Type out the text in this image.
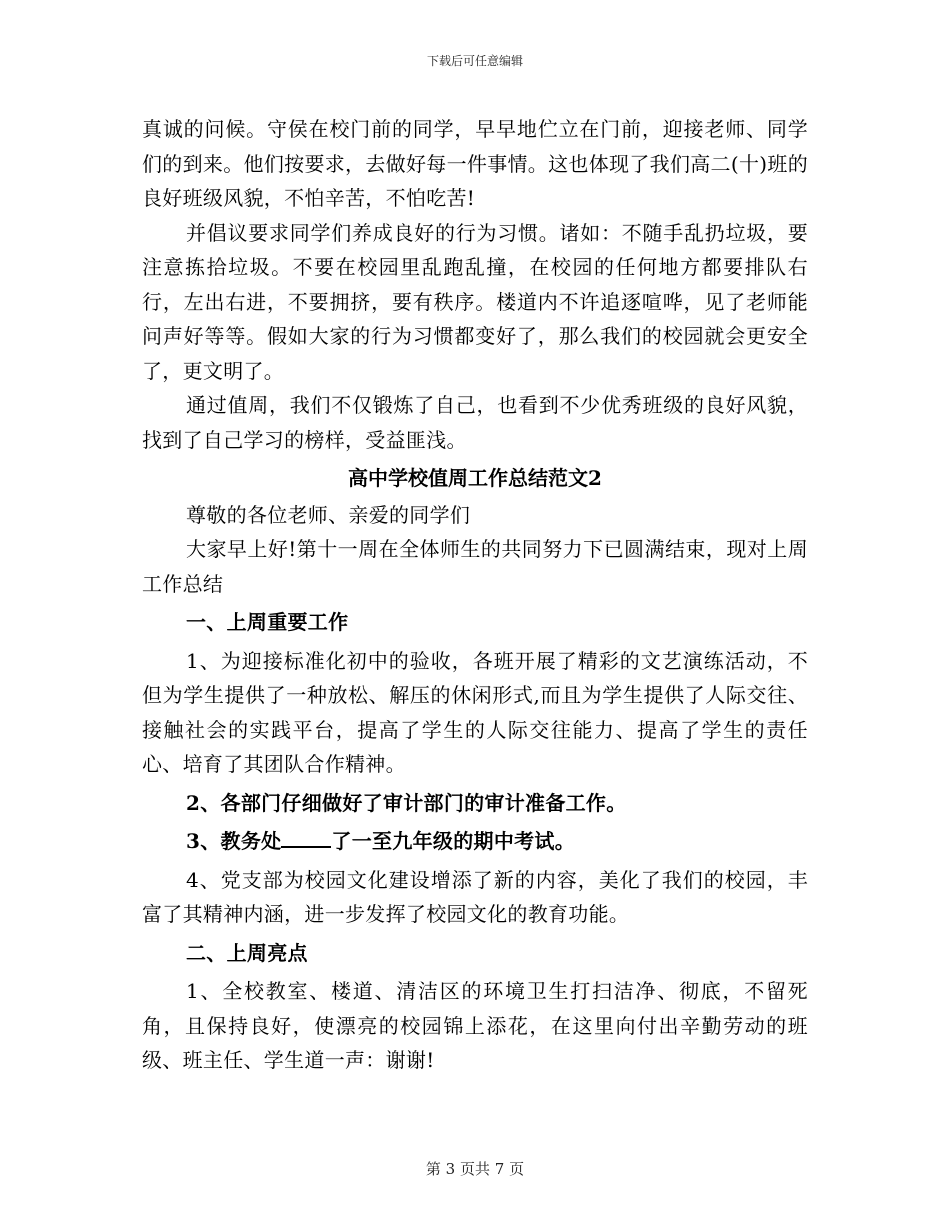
下载后可任意编辑

真诚的问候。守侯在校门前的同学，早早地伫立在门前，迎接老师、同学们的到来。他们按要求，去做好每一件事情。这也体现了我们高二(十)班的良好班级风貌，不怕辛苦，不怕吃苦!

并倡议要求同学们养成良好的行为习惯。诸如：不随手乱扔垃圾，要注意拣拾垃圾。不要在校园里乱跑乱撞，在校园的任何地方都要排队右行，左出右进，不要拥挤，要有秩序。楼道内不许追逐喧哗，见了老师能问声好等等。假如大家的行为习惯都变好了，那么我们的校园就会更安全了，更文明了。

通过值周，我们不仅锻炼了自己，也看到不少优秀班级的良好风貌，找到了自己学习的榜样，受益匪浅。

高中学校值周工作总结范文2

尊敬的各位老师、亲爱的同学们

大家早上好!第十一周在全体师生的共同努力下已圆满结束，现对上周工作总结

一、上周重要工作

1、为迎接标准化初中的验收，各班开展了精彩的文艺演练活动，不但为学生提供了一种放松、解压的休闲形式,而且为学生提供了人际交往、接触社会的实践平台，提高了学生的人际交往能力、提高了学生的责任心、培育了其团队合作精神。

2、各部门仔细做好了审计部门的审计准备工作。

3、教务处	了一至九年级的期中考试。

4、党支部为校园文化建设增添了新的内容，美化了我们的校园，丰富了其精神内涵，进一步发挥了校园文化的教育功能。

二、上周亮点

1、全校教室、楼道、清洁区的环境卫生打扫洁净、彻底，不留死角，且保持良好，使漂亮的校园锦上添花，在这里向付出辛勤劳动的班级、班主任、学生道一声：谢谢!

第 3 页共 7 页
